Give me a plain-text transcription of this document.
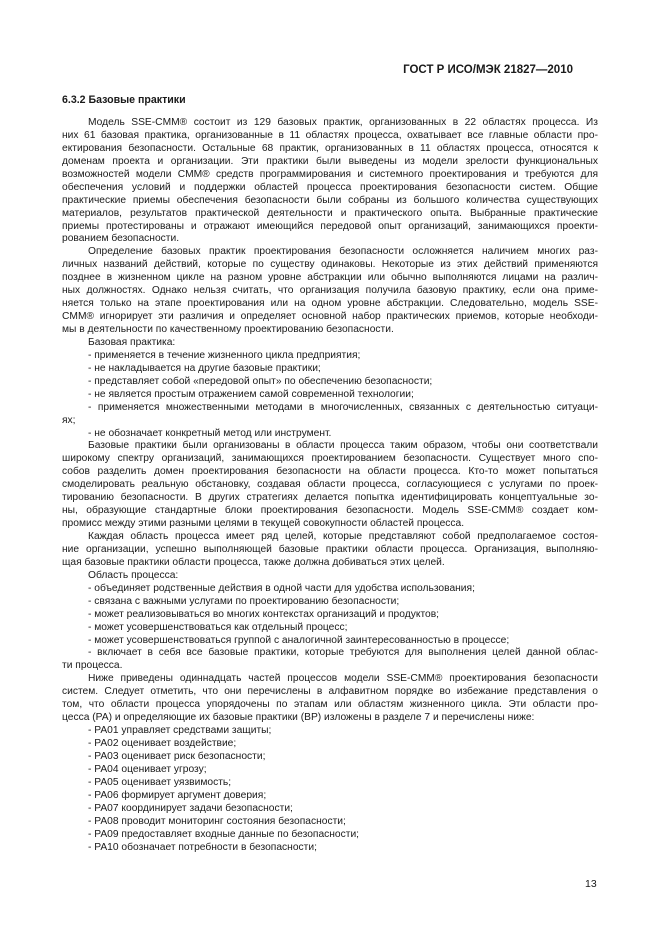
ГОСТ Р ИСО/МЭК 21827—2010
6.3.2 Базовые практики
Модель SSE-CMM® состоит из 129 базовых практик, организованных в 22 областях процесса. Из
них 61 базовая практика, организованные в 11 областях процесса, охватывает все главные области про-
ектирования безопасности. Остальные 68 практик, организованных в 11 областях процесса, относятся к
доменам проекта и организации. Эти практики были выведены из модели зрелости функциональных
возможностей модели CMM® средств программирования и системного проектирования и требуются для
обеспечения условий и поддержки областей процесса проектирования безопасности систем. Общие
практические приемы обеспечения безопасности были собраны из большого количества существующих
материалов, результатов практической деятельности и практического опыта. Выбранные практические
приемы протестированы и отражают имеющийся передовой опыт организаций, занимающихся проекти-
рованием безопасности.
Определение базовых практик проектирования безопасности осложняется наличием многих раз-
личных названий действий, которые по существу одинаковы. Некоторые из этих действий применяются
позднее в жизненном цикле на разном уровне абстракции или обычно выполняются лицами на различ-
ных должностях. Однако нельзя считать, что организация получила базовую практику, если она приме-
няется только на этапе проектирования или на одном уровне абстракции. Следовательно, модель SSE-
CMM® игнорирует эти различия и определяет основной набор практических приемов, которые необходи-
мы в деятельности по качественному проектированию безопасности.
Базовая практика:
- применяется в течение жизненного цикла предприятия;
- не накладывается на другие базовые практики;
- представляет собой «передовой опыт» по обеспечению безопасности;
- не является простым отражением самой современной технологии;
- применяется множественными методами в многочисленных, связанных с деятельностью ситуаци-
ях;
- не обозначает конкретный метод или инструмент.
Базовые практики были организованы в области процесса таким образом, чтобы они соответствали
широкому спектру организаций, занимающихся проектированием безопасности. Существует много спо-
собов разделить домен проектирования безопасности на области процесса. Кто-то может попытаться
смоделировать реальную обстановку, создавая области процесса, согласующиеся с услугами по проек-
тированию безопасности. В других стратегиях делается попытка идентифицировать концептуальные зо-
ны, образующие стандартные блоки проектирования безопасности. Модель SSE-CMM® создает ком-
промисс между этими разными целями в текущей совокупности областей процесса.
Каждая область процесса имеет ряд целей, которые представляют собой предполагаемое состоя-
ние организации, успешно выполняющей базовые практики области процесса. Организация, выполняю-
щая базовые практики области процесса, также должна добиваться этих целей.
Область процесса:
- объединяет родственные действия в одной части для удобства использования;
- связана с важными услугами по проектированию безопасности;
- может реализовываться во многих контекстах организаций и продуктов;
- может усовершенствоваться как отдельный процесс;
- может усовершенствоваться группой с аналогичной заинтересованностью в процессе;
- включает в себя все базовые практики, которые требуются для выполнения целей данной облас-
ти процесса.
Ниже приведены одиннадцать частей процессов модели SSE-CMM® проектирования безопасности
систем. Следует отметить, что они перечислены в алфавитном порядке во избежание представления о
том, что области процесса упорядочены по этапам или областям жизненного цикла. Эти области про-
цесса (PA) и определяющие их базовые практики (BP) изложены в разделе 7 и перечислены ниже:
- PA01 управляет средствами защиты;
- PA02 оценивает воздействие;
- PA03 оценивает риск безопасности;
- PA04 оценивает угрозу;
- PA05 оценивает уязвимость;
- PA06 формирует аргумент доверия;
- PA07 координирует задачи безопасности;
- PA08 проводит мониторинг состояния безопасности;
- PA09 предоставляет входные данные по безопасности;
- PA10 обозначает потребности в безопасности;
13
